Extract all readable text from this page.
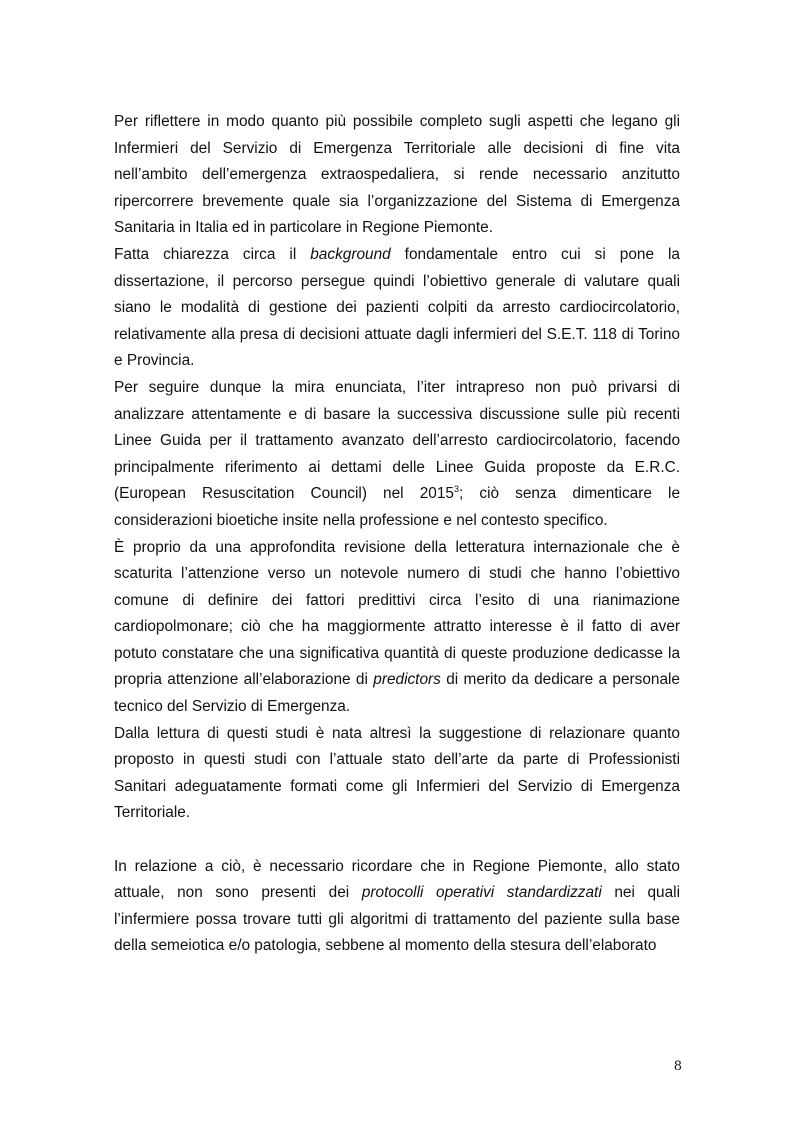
Per riflettere in modo quanto più possibile completo sugli aspetti che legano gli Infermieri del Servizio di Emergenza Territoriale alle decisioni di fine vita nell’ambito dell’emergenza extraospedaliera, si rende necessario anzitutto ripercorrere brevemente quale sia l’organizzazione del Sistema di Emergenza Sanitaria in Italia ed in particolare in Regione Piemonte.

Fatta chiarezza circa il background fondamentale entro cui si pone la dissertazione, il percorso persegue quindi l’obiettivo generale di valutare quali siano le modalità di gestione dei pazienti colpiti da arresto cardiocircolatorio, relativamente alla presa di decisioni attuate dagli infermieri del S.E.T. 118 di Torino e Provincia.

Per seguire dunque la mira enunciata, l’iter intrapreso non può privarsi di analizzare attentamente e di basare la successiva discussione sulle più recenti Linee Guida per il trattamento avanzato dell’arresto cardiocircolatorio, facendo principalmente riferimento ai dettami delle Linee Guida proposte da E.R.C. (European Resuscitation Council) nel 2015$^3$; ciò senza dimenticare le considerazioni bioetiche insite nella professione e nel contesto specifico.

È proprio da una approfondita revisione della letteratura internazionale che è scaturita l’attenzione verso un notevole numero di studi che hanno l’obiettivo comune di definire dei fattori predittivi circa l’esito di una rianimazione cardiopolmonare; ciò che ha maggiormente attratto interesse è il fatto di aver potuto constatare che una significativa quantità di queste produzione dedicasse la propria attenzione all’elaborazione di predictors di merito da dedicare a personale tecnico del Servizio di Emergenza.

Dalla lettura di questi studi è nata altresì la suggestione di relazionare quanto proposto in questi studi con l’attuale stato dell’arte da parte di Professionisti Sanitari adeguatamente formati come gli Infermieri del Servizio di Emergenza Territoriale.

In relazione a ciò, è necessario ricordare che in Regione Piemonte, allo stato attuale, non sono presenti dei protocolli operativi standardizzati nei quali l’infermiere possa trovare tutti gli algoritmi di trattamento del paziente sulla base della semeiotica e/o patologia, sebbene al momento della stesura dell’elaborato

8
